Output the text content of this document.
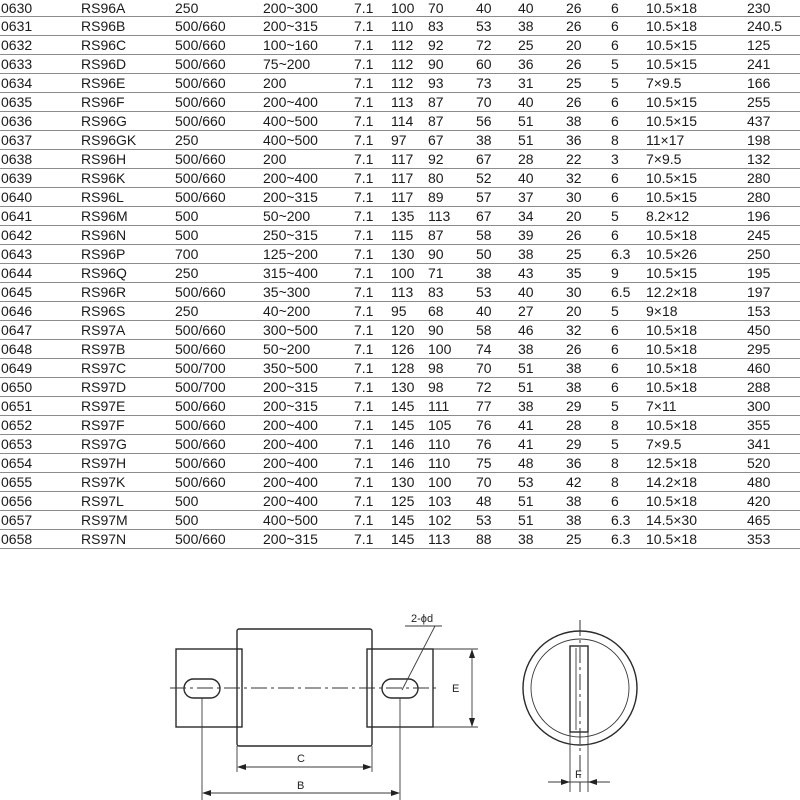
0630	RS96A	250	200~300	7.1	100	70	40	40	26	6	10.5×18	230
0631	RS96B	500/660	200~315	7.1	110	83	53	38	26	6	10.5×18	240.5
0632	RS96C	500/660	100~160	7.1	112	92	72	25	20	6	10.5×15	125
0633	RS96D	500/660	75~200	7.1	112	90	60	36	26	5	10.5×15	241
0634	RS96E	500/660	200	7.1	112	93	73	31	25	5	7×9.5	166
0635	RS96F	500/660	200~400	7.1	113	87	70	40	26	6	10.5×15	255
0636	RS96G	500/660	400~500	7.1	114	87	56	51	38	6	10.5×15	437
0637	RS96GK	250	400~500	7.1	97	67	38	51	36	8	11×17	198
0638	RS96H	500/660	200	7.1	117	92	67	28	22	3	7×9.5	132
0639	RS96K	500/660	200~400	7.1	117	80	52	40	32	6	10.5×15	280
0640	RS96L	500/660	200~315	7.1	117	89	57	37	30	6	10.5×15	280
0641	RS96M	500	50~200	7.1	135	113	67	34	20	5	8.2×12	196
0642	RS96N	500	250~315	7.1	115	87	58	39	26	6	10.5×18	245
0643	RS96P	700	125~200	7.1	130	90	50	38	25	6.3	10.5×26	250
0644	RS96Q	250	315~400	7.1	100	71	38	43	35	9	10.5×15	195
0645	RS96R	500/660	35~300	7.1	113	83	53	40	30	6.5	12.2×18	197
0646	RS96S	250	40~200	7.1	95	68	40	27	20	5	9×18	153
0647	RS97A	500/660	300~500	7.1	120	90	58	46	32	6	10.5×18	450
0648	RS97B	500/660	50~200	7.1	126	100	74	38	26	6	10.5×18	295
0649	RS97C	500/700	350~500	7.1	128	98	70	51	38	6	10.5×18	460
0650	RS97D	500/700	200~315	7.1	130	98	72	51	38	6	10.5×18	288
0651	RS97E	500/660	200~315	7.1	145	111	77	38	29	5	7×11	300
0652	RS97F	500/660	200~400	7.1	145	105	76	41	28	8	10.5×18	355
0653	RS97G	500/660	200~400	7.1	146	110	76	41	29	5	7×9.5	341
0654	RS97H	500/660	200~400	7.1	146	110	75	48	36	8	12.5×18	520
0655	RS97K	500/660	200~400	7.1	130	100	70	53	42	8	14.2×18	480
0656	RS97L	500	200~400	7.1	125	103	48	51	38	6	10.5×18	420
0657	RS97M	500	400~500	7.1	145	102	53	51	38	6.3	14.5×30	465
0658	RS97N	500/660	200~315	7.1	145	113	88	38	25	6.3	10.5×18	353
2-ϕd
E
C
B
F
